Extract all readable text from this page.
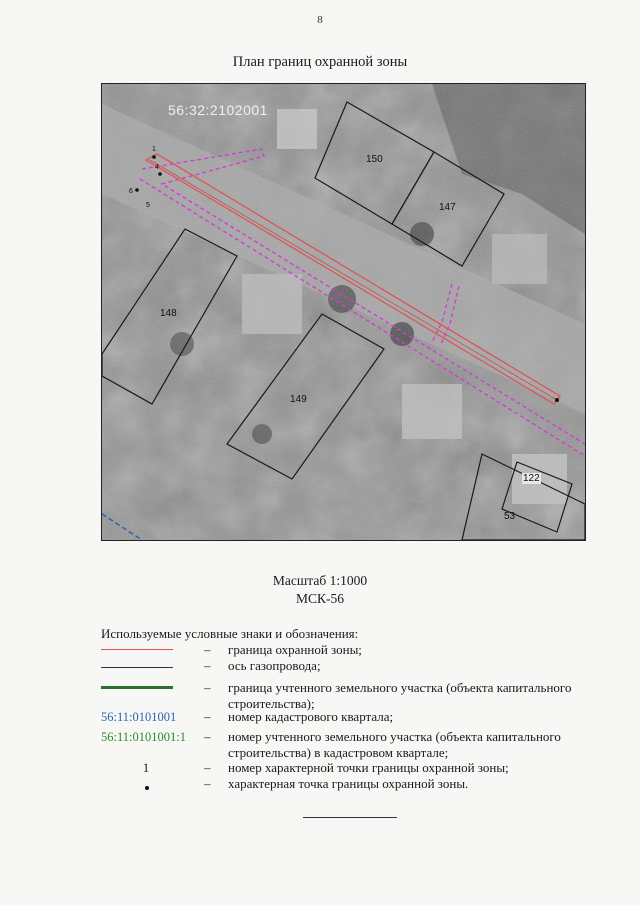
8
План границ охранной зоны
56:32:2102001
150
147
148
149
122
53
1
4
5
6
Масштаб 1:1000
МСК-56
Используемые условные знаки и обозначения:
– граница охранной зоны;
– ось газопровода;
– граница учтенного земельного участка (объекта капитального строительства);
56:11:0101001 – номер кадастрового квартала;
56:11:0101001:1	– номер учтенного земельного участка (объекта капитального строительства) в кадастровом квартале;
1	– номер характерной точки границы охранной зоны;
– характерная точка границы охранной зоны.
